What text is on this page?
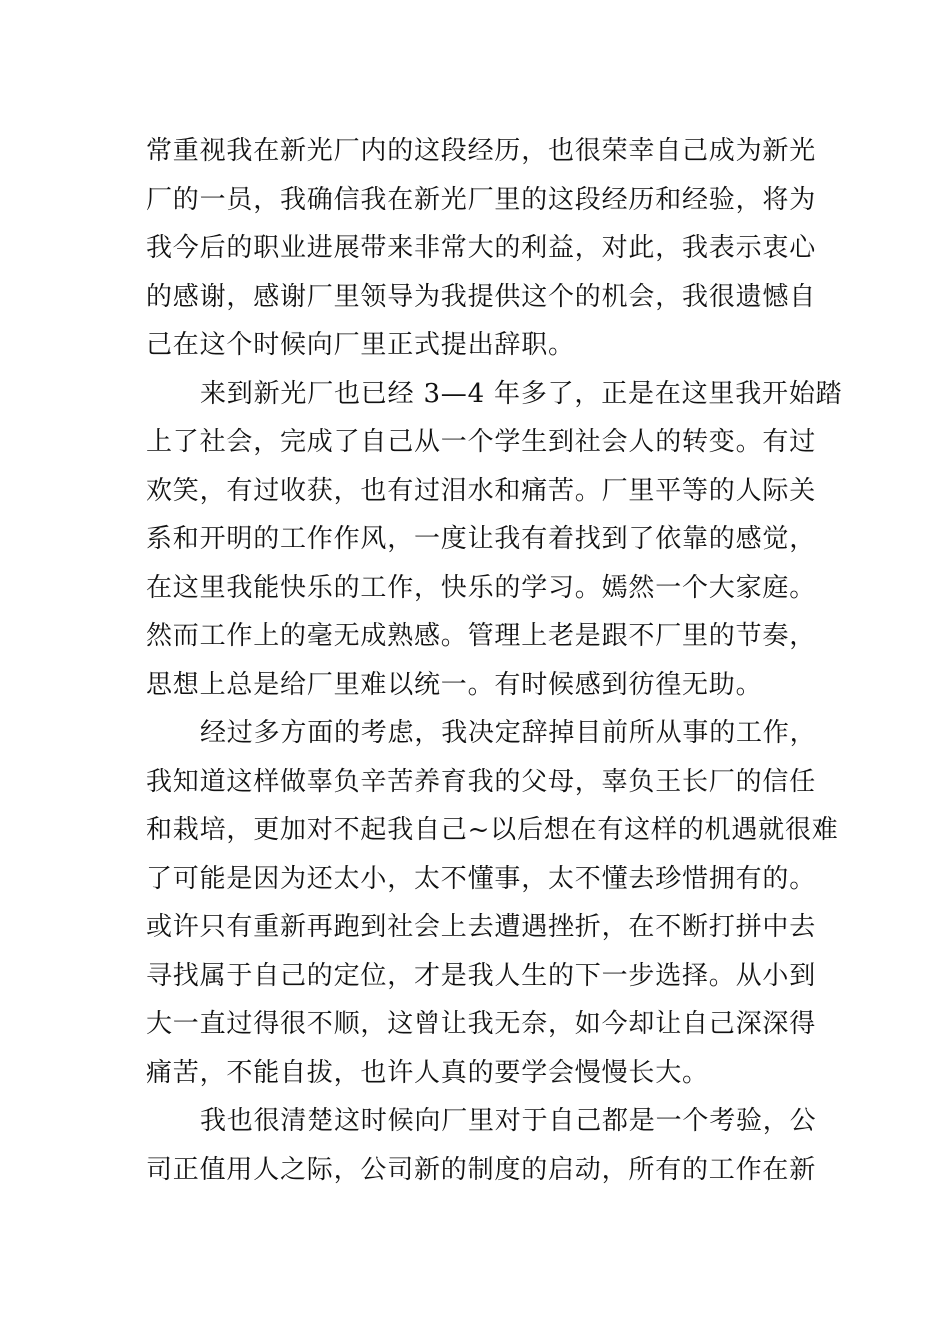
常重视我在新光厂内的这段经历，也很荣幸自己成为新光
厂的一员，我确信我在新光厂里的这段经历和经验，将为
我今后的职业进展带来非常大的利益，对此，我表示衷心
的感谢，感谢厂里领导为我提供这个的机会，我很遗憾自
己在这个时候向厂里正式提出辞职。
来到新光厂也已经 3—4 年多了，正是在这里我开始踏
上了社会，完成了自己从一个学生到社会人的转变。有过
欢笑，有过收获，也有过泪水和痛苦。厂里平等的人际关
系和开明的工作作风，一度让我有着找到了依靠的感觉，
在这里我能快乐的工作，快乐的学习。嫣然一个大家庭。
然而工作上的毫无成熟感。管理上老是跟不厂里的节奏，
思想上总是给厂里难以统一。有时候感到彷徨无助。
经过多方面的考虑，我决定辞掉目前所从事的工作，
我知道这样做辜负辛苦养育我的父母，辜负王长厂的信任
和栽培，更加对不起我自己~以后想在有这样的机遇就很难
了可能是因为还太小，太不懂事，太不懂去珍惜拥有的。
或许只有重新再跑到社会上去遭遇挫折，在不断打拼中去
寻找属于自己的定位，才是我人生的下一步选择。从小到
大一直过得很不顺，这曾让我无奈，如今却让自己深深得
痛苦，不能自拔，也许人真的要学会慢慢长大。
我也很清楚这时候向厂里对于自己都是一个考验，公
司正值用人之际，公司新的制度的启动，所有的工作在新
